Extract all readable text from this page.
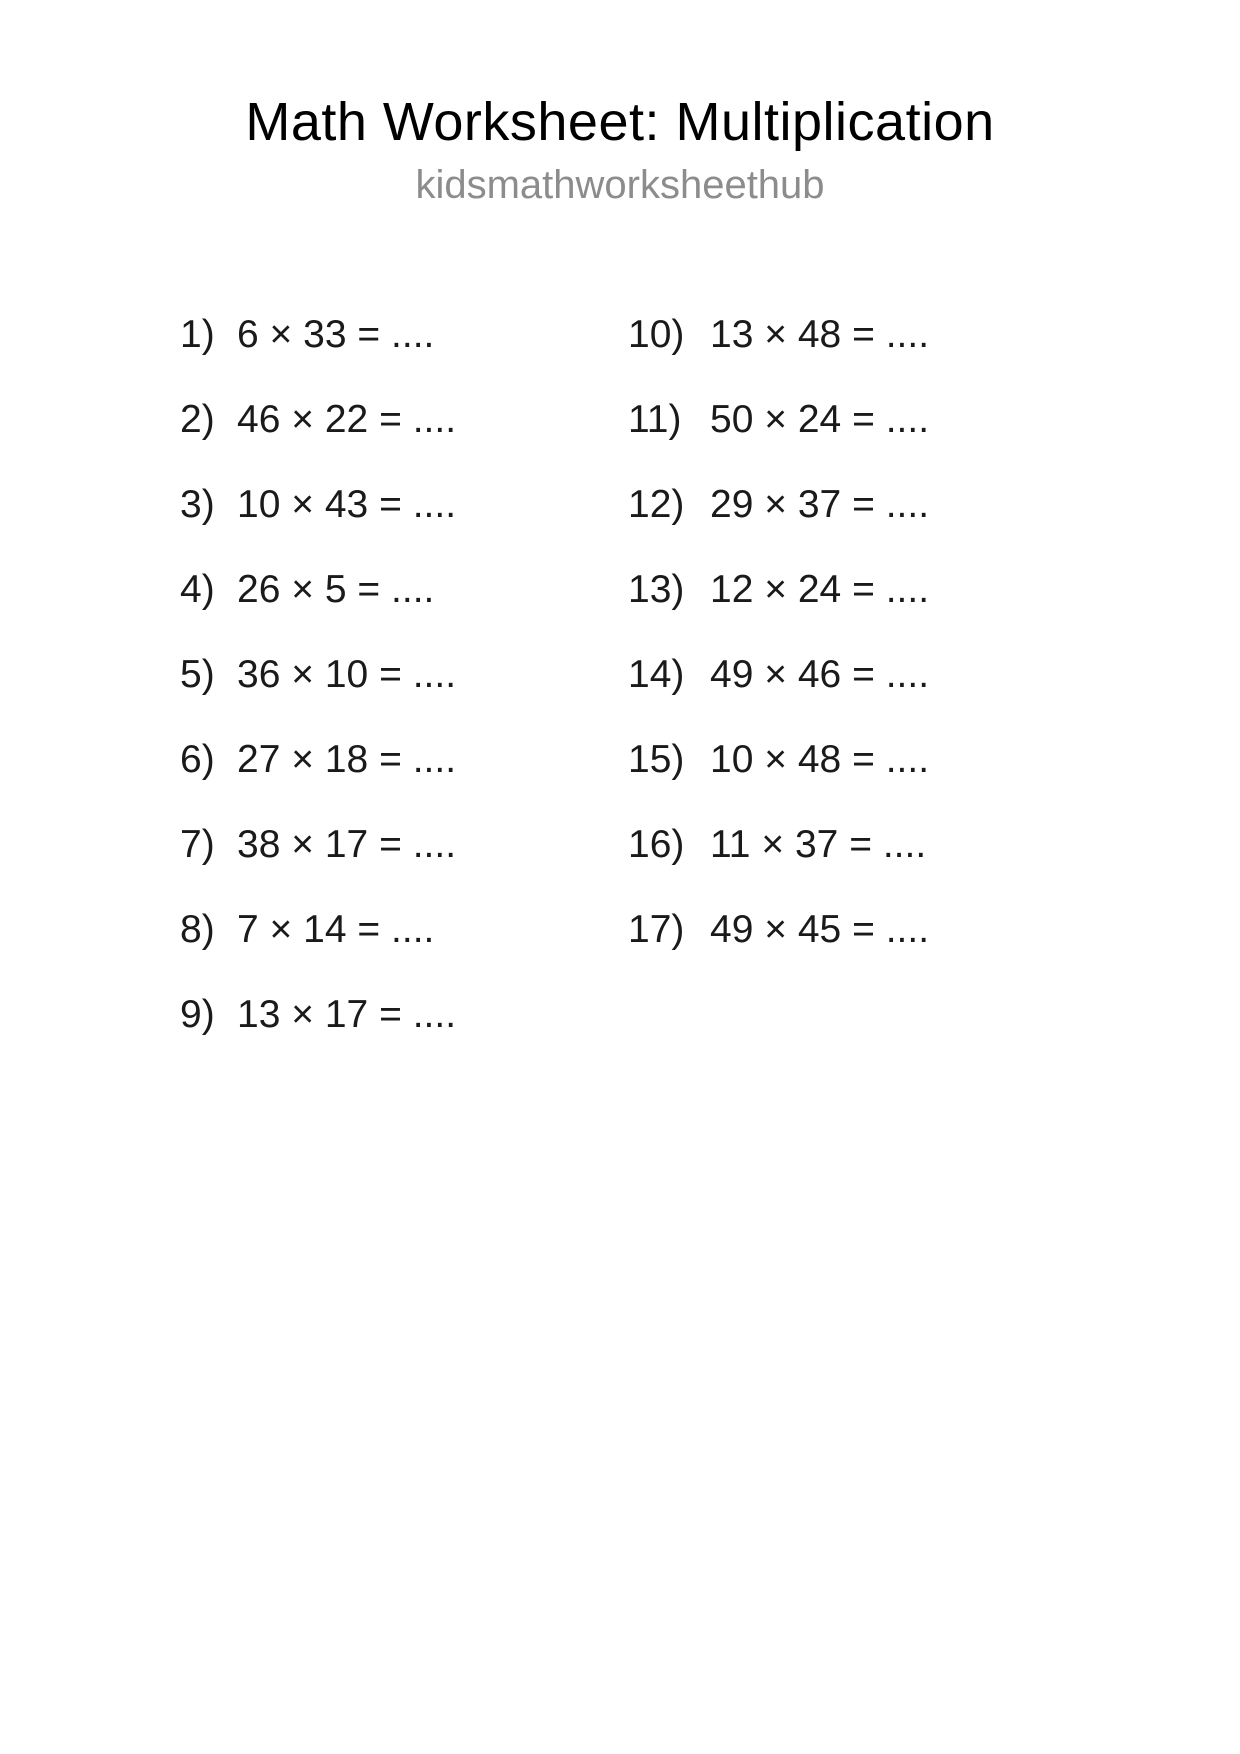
Math Worksheet: Multiplication
kidsmathworksheethub
1) 6 × 33 = ....
2) 46 × 22 = ....
3) 10 × 43 = ....
4) 26 × 5 = ....
5) 36 × 10 = ....
6) 27 × 18 = ....
7) 38 × 17 = ....
8) 7 × 14 = ....
9) 13 × 17 = ....
10) 13 × 48 = ....
11) 50 × 24 = ....
12) 29 × 37 = ....
13) 12 × 24 = ....
14) 49 × 46 = ....
15) 10 × 48 = ....
16) 11 × 37 = ....
17) 49 × 45 = ....
